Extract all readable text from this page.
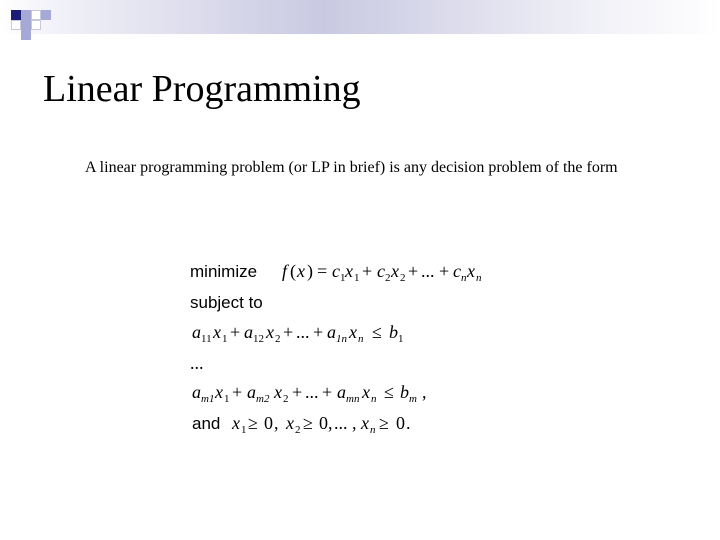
Linear Programming
A linear programming problem (or LP in brief) is any decision problem of the form
minimize f ( x ) = c 1 x 1 + c 2 x 2 + ... + c n x n
subject to
a 11 x 1 + a 12 x 2 + ... + a 1n x n ≤ b 1
...
a m1 x 1 + a m2 x 2 + ... + a mn x n ≤ b m ,
and x 1 ≥ 0 , x 2 ≥ 0 , ... , x n ≥ 0 .
